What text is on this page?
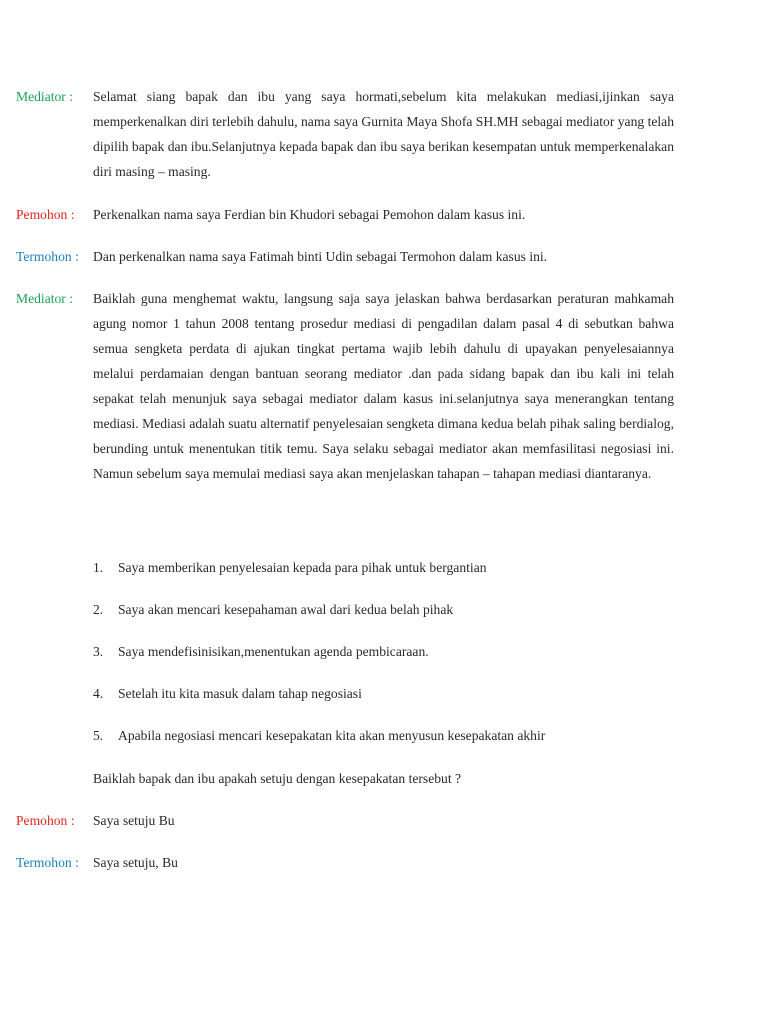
Mediator : Selamat siang bapak dan ibu yang saya hormati,sebelum kita melakukan mediasi,ijinkan saya memperkenalkan diri terlebih dahulu, nama saya Gurnita Maya Shofa SH.MH sebagai mediator yang telah dipilih bapak dan ibu.Selanjutnya kepada bapak dan ibu saya berikan kesempatan untuk memperkenalakan diri masing – masing.

Pemohon : Perkenalkan nama saya Ferdian bin Khudori sebagai Pemohon dalam kasus ini.

Termohon : Dan perkenalkan nama saya Fatimah binti Udin sebagai Termohon dalam kasus ini.

Mediator : Baiklah guna menghemat waktu, langsung saja saya jelaskan bahwa berdasarkan peraturan mahkamah agung nomor 1 tahun 2008 tentang prosedur mediasi di pengadilan dalam pasal 4 di sebutkan bahwa semua sengketa perdata di ajukan tingkat pertama wajib lebih dahulu di upayakan penyelesaiannya melalui perdamaian dengan bantuan seorang mediator .dan pada sidang bapak dan ibu kali ini telah sepakat telah menunjuk saya sebagai mediator dalam kasus ini.selanjutnya saya menerangkan tentang mediasi. Mediasi adalah suatu alternatif penyelesaian sengketa dimana kedua belah pihak saling berdialog, berunding untuk menentukan titik temu. Saya selaku sebagai mediator akan memfasilitasi negosiasi ini. Namun sebelum saya memulai mediasi saya akan menjelaskan tahapan – tahapan mediasi diantaranya.

1. Saya memberikan penyelesaian kepada para pihak untuk bergantian
2. Saya akan mencari kesepahaman awal dari kedua belah pihak
3. Saya mendefisinisikan,menentukan agenda pembicaraan.
4. Setelah itu kita masuk dalam tahap negosiasi
5. Apabila negosiasi mencari kesepakatan kita akan menyusun kesepakatan akhir
Baiklah bapak dan ibu apakah setuju dengan kesepakatan tersebut ?
Pemohon : Saya setuju Bu

Termohon : Saya setuju, Bu
